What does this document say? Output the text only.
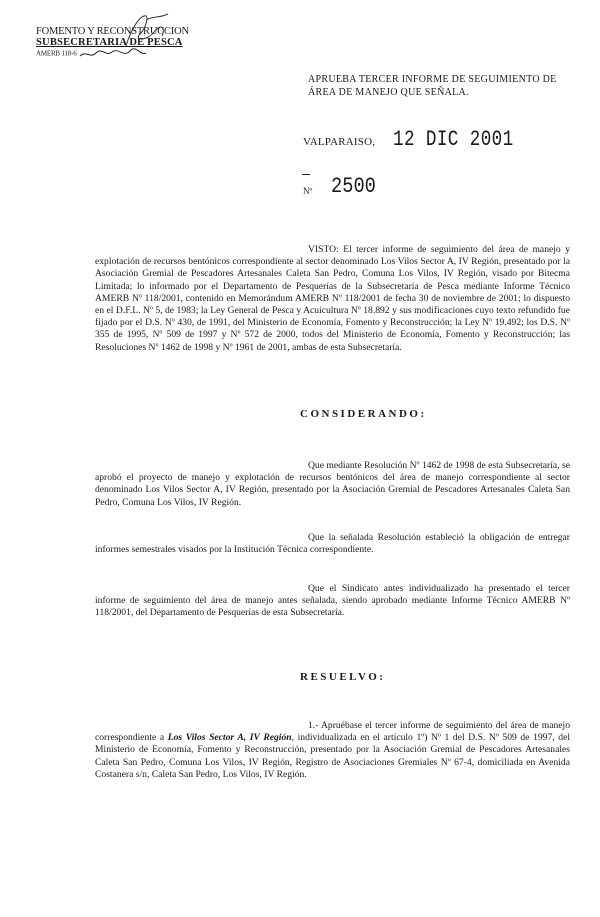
FOMENTO Y RECONSTRUCCION
SUBSECRETARIA DE PESCA
AMERB 118-6
APRUEBA TERCER INFORME DE SEGUIMIENTO DE ÁREA DE MANEJO QUE SEÑALA.
VALPARAISO, 12 DIC 2001
Nº 2500

VISTO: El tercer informe de seguimiento del área de manejo y explotación de recursos bentónicos correspondiente al sector denominado Los Vilos Sector A, IV Región, presentado por la Asociación Gremial de Pescadores Artesanales Caleta San Pedro, Comuna Los Vilos, IV Región, visado por Bitecma Limitada; lo informado por el Departamento de Pesquerías de la Subsecretaría de Pesca mediante Informe Técnico AMERB Nº 118/2001, contenido en Memorándum AMERB Nº 118/2001 de fecha 30 de noviembre de 2001; lo dispuesto en el D.F.L. Nº 5, de 1983; la Ley General de Pesca y Acuicultura Nº 18.892 y sus modificaciones cuyo texto refundido fue fijado por el D.S. Nº 430, de 1991, del Ministerio de Economía, Fomento y Reconstrucción; la Ley Nº 19.492; los D.S. Nº 355 de 1995, Nº 509 de 1997 y Nº 572 de 2000, todos del Ministerio de Economía, Fomento y Reconstrucción; las Resoluciones Nº 1462 de 1998 y Nº 1961 de 2001, ambas de esta Subsecretaría.

CONSIDERANDO:

Que mediante Resolución Nº 1462 de 1998 de esta Subsecretaría, se aprobó el proyecto de manejo y explotación de recursos bentónicos del área de manejo correspondiente al sector denominado Los Vilos Sector A, IV Región, presentado por la Asociación Gremial de Pescadores Artesanales Caleta San Pedro, Comuna Los Vilos, IV Región.

Que la señalada Resolución estableció la obligación de entregar informes semestrales visados por la Institución Técnica correspondiente.

Que el Sindicato antes individualizado ha presentado el tercer informe de seguimiento del área de manejo antes señalada, siendo aprobado mediante Informe Técnico AMERB Nº 118/2001, del Departamento de Pesquerías de esta Subsecretaría.

RESUELVO:

1.- Apruébase el tercer informe de seguimiento del área de manejo correspondiente a Los Vilos Sector A, IV Región, individualizada en el artículo 1º) Nº 1 del D.S. Nº 509 de 1997, del Ministerio de Economía, Fomento y Reconstrucción, presentado por la Asociación Gremial de Pescadores Artesanales Caleta San Pedro, Comuna Los Vilos, IV Región, Registro de Asociaciones Gremiales Nº 67-4, domiciliada en Avenida Costanera s/n, Caleta San Pedro, Los Vilos, IV Región.
